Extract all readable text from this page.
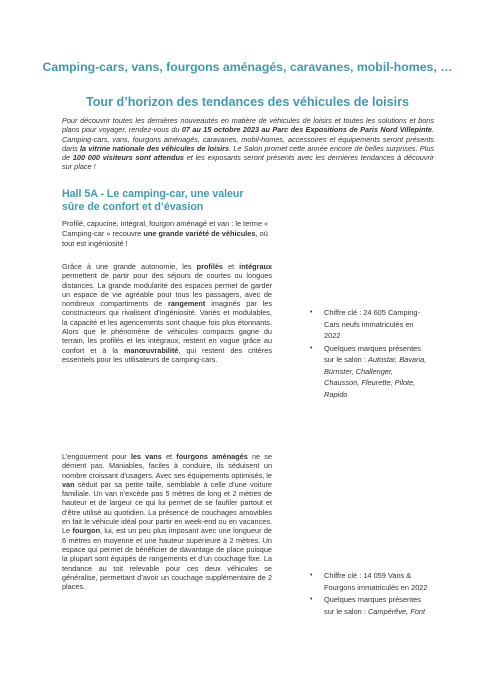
Camping-cars, vans, fourgons aménagés, caravanes, mobil-homes, …
Tour d’horizon des tendances des véhicules de loisirs
Pour découvrir toutes les dernières nouveautés en matière de véhicules de loisirs et toutes les solutions et bons plans pour voyager, rendez-vous du 07 au 15 octobre 2023 au Parc des Expositions de Paris Nord Villepinte. Camping-cars, vans, fourgons aménagés, caravanes, mobil-homes, accessoires et équipements seront présents dans la vitrine nationale des véhicules de loisirs. Le Salon promet cette année encore de belles surprises. Plus de 100 000 visiteurs sont attendus et les exposants seront présents avec les dernières tendances à découvrir sur place !
Hall 5A - Le camping-car, une valeur sûre de confort et d’évasion
Profilé, capucine, intégral, fourgon aménagé et van : le terme « Camping-car » recouvre une grande variété de véhicules, où tout est ingéniosité !
Grâce à une grande autonomie, les profilés et intégraux permettent de partir pour des séjours de courtes ou longues distances. La grande modularité des espaces permet de garder un espace de vie agréable pour tous les passagers, avec de nombreux compartiments de rangement imaginés par les constructeurs qui rivalisent d’ingéniosité. Variés et modulables, la capacité et les agencements sont chaque fois plus étonnants. Alors que le phénomène de véhicules compacts gagne du terrain, les profilés et les intégraux, restent en vogue grâce au confort et à la manœuvrabilité, qui restent des critères essentiels pour les utilisateurs de camping-cars.
• Chiffre clé : 24 605 Camping-Cars neufs immatriculés en 2022
• Quelques marques présentes sur le salon : Autostar, Bavaria, Bürnster, Challenger, Chausson, Fleurette, Pilote, Rapido
L’engouement pour les vans et fourgons aménagés ne se dément pas. Maniables, faciles à conduire, ils séduisent un nombre croissant d’usagers. Avec ses équipements optimisés, le van séduit par sa petite taille, semblable à celle d’une voiture familiale. Un van n’excède pas 5 mètres de long et 2 mètres de hauteur et de largeur ce qui lui permet de se faufiler partout et d’être utilisé au quotidien. La présence de couchages amovibles en fait le véhicule idéal pour partir en week-end ou en vacances. Le fourgon, lui, est un peu plus imposant avec une longueur de 6 mètres en moyenne et une hauteur supérieure à 2 mètres. Un espace qui permet de bénéficier de davantage de place puisque la plupart sont équipés de rangements et d’un couchage fixe. La tendance au toit relevable pour ces deux véhicules se généralise, permettant d’avoir un couchage supplémentaire de 2 places.
• Chiffre clé : 14 059 Vans & Fourgons immatriculés en 2022
• Quelques marques présentes sur le salon : Campérêve, Font
